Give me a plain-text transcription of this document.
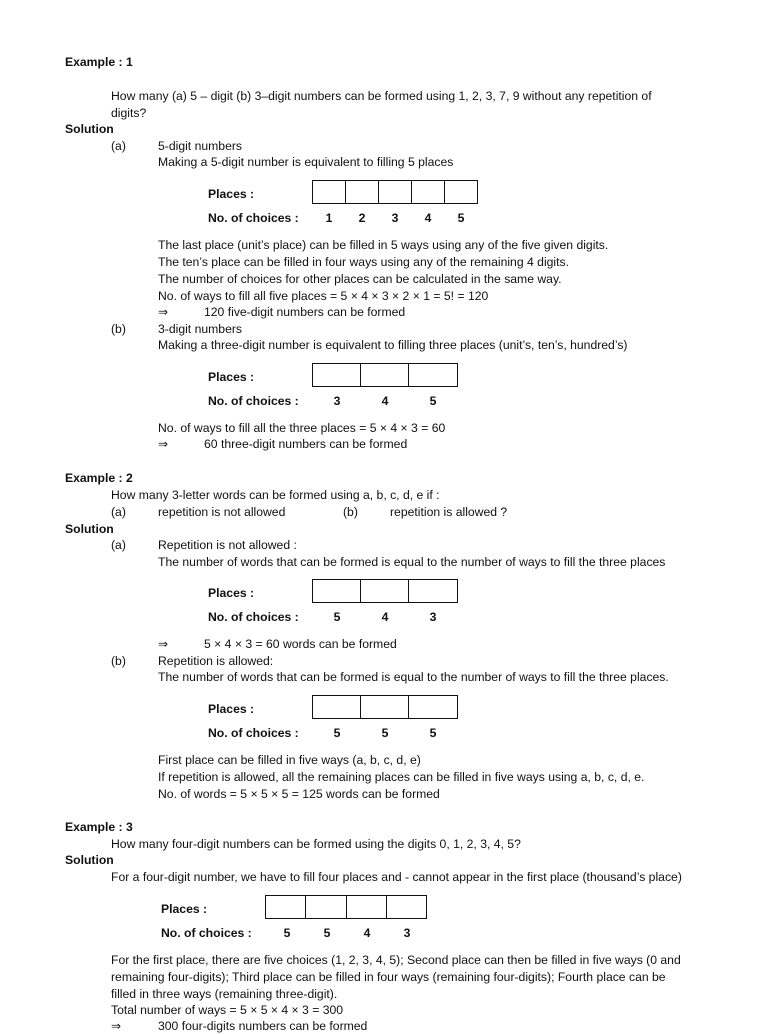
Example : 1
How many (a) 5 – digit (b) 3–digit numbers can be formed using 1, 2, 3, 7, 9 without any repetition of
digits?
Solution
(a)	5-digit numbers
Making a 5-digit number is equivalent to filling 5 places
Places :
No. of choices :	1	2	3	4	5
The last place (unit’s place) can be filled in 5 ways using any of the five given digits.
The ten’s place can be filled in four ways using any of the remaining 4 digits.
The number of choices for other places can be calculated in the same way.
No. of ways to fill all five places = 5 × 4 × 3 × 2 × 1 = 5! = 120
⇒	120 five-digit numbers can be formed
(b)	3-digit numbers
Making a three-digit number is equivalent to filling three places (unit’s, ten’s, hundred’s)
Places :
No. of choices :	3	4	5
No. of ways to fill all the three places = 5 × 4 × 3 = 60
⇒	60 three-digit numbers can be formed
Example : 2
How many 3-letter words can be formed using a, b, c, d, e if :
(a)	repetition is not allowed	(b)	repetition is allowed ?
Solution
(a)	Repetition is not allowed :
The number of words that can be formed is equal to the number of ways to fill the three places
Places :
No. of choices :	5	4	3
⇒	5 × 4 × 3 = 60 words can be formed
(b)	Repetition is allowed:
The number of words that can be formed is equal to the number of ways to fill the three places.
Places :
No. of choices :	5	5	5
First place can be filled in five ways (a, b, c, d, e)
If repetition is allowed, all the remaining places can be filled in five ways using a, b, c, d, e.
No. of words = 5 × 5 × 5 = 125 words can be formed
Example : 3
How many four-digit numbers can be formed using the digits 0, 1, 2, 3, 4, 5?
Solution
For a four-digit number, we have to fill four places and - cannot appear in the first place (thousand’s place)
Places :
No. of choices :	5	5	4	3
For the first place, there are five choices (1, 2, 3, 4, 5); Second place can then be filled in five ways (0 and
remaining four-digits); Third place can be filled in four ways (remaining four-digits); Fourth place can be
filled in three ways (remaining three-digit).
Total number of ways = 5 × 5 × 4 × 3 = 300
⇒	300 four-digits numbers can be formed
